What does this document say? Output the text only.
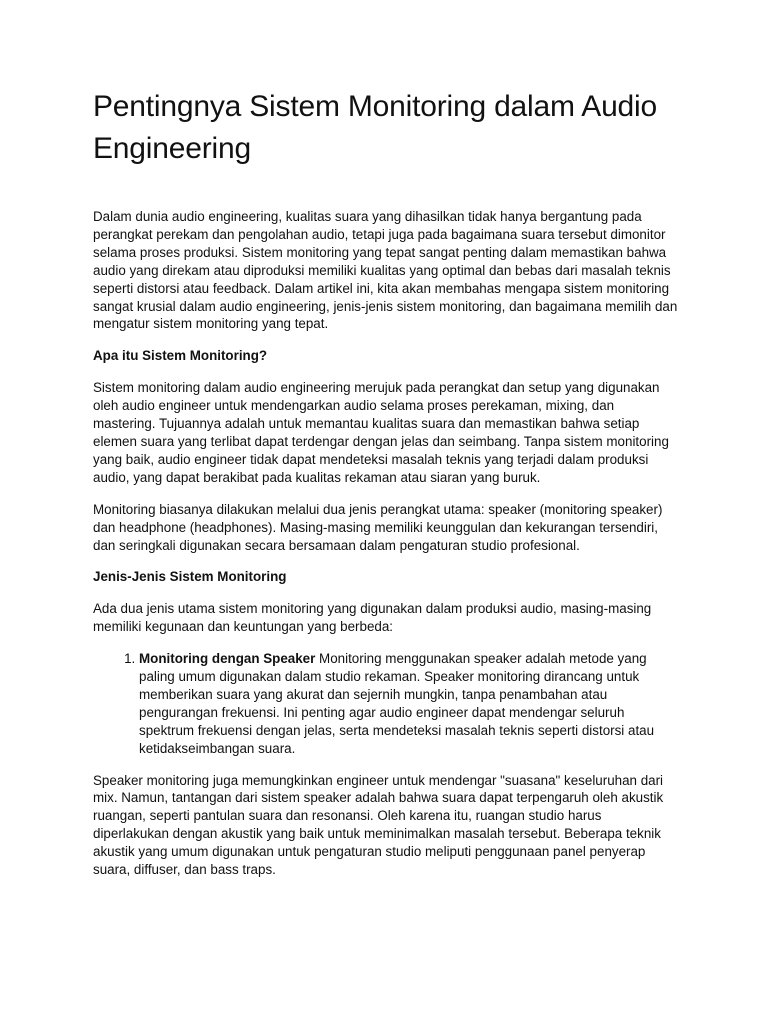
Pentingnya Sistem Monitoring dalam Audio Engineering

Dalam dunia audio engineering, kualitas suara yang dihasilkan tidak hanya bergantung pada perangkat perekam dan pengolahan audio, tetapi juga pada bagaimana suara tersebut dimonitor selama proses produksi. Sistem monitoring yang tepat sangat penting dalam memastikan bahwa audio yang direkam atau diproduksi memiliki kualitas yang optimal dan bebas dari masalah teknis seperti distorsi atau feedback. Dalam artikel ini, kita akan membahas mengapa sistem monitoring sangat krusial dalam audio engineering, jenis-jenis sistem monitoring, dan bagaimana memilih dan mengatur sistem monitoring yang tepat.

Apa itu Sistem Monitoring?

Sistem monitoring dalam audio engineering merujuk pada perangkat dan setup yang digunakan oleh audio engineer untuk mendengarkan audio selama proses perekaman, mixing, dan mastering. Tujuannya adalah untuk memantau kualitas suara dan memastikan bahwa setiap elemen suara yang terlibat dapat terdengar dengan jelas dan seimbang. Tanpa sistem monitoring yang baik, audio engineer tidak dapat mendeteksi masalah teknis yang terjadi dalam produksi audio, yang dapat berakibat pada kualitas rekaman atau siaran yang buruk.

Monitoring biasanya dilakukan melalui dua jenis perangkat utama: speaker (monitoring speaker) dan headphone (headphones). Masing-masing memiliki keunggulan dan kekurangan tersendiri, dan seringkali digunakan secara bersamaan dalam pengaturan studio profesional.

Jenis-Jenis Sistem Monitoring

Ada dua jenis utama sistem monitoring yang digunakan dalam produksi audio, masing-masing memiliki kegunaan dan keuntungan yang berbeda:

1. Monitoring dengan Speaker Monitoring menggunakan speaker adalah metode yang paling umum digunakan dalam studio rekaman. Speaker monitoring dirancang untuk memberikan suara yang akurat dan sejernih mungkin, tanpa penambahan atau pengurangan frekuensi. Ini penting agar audio engineer dapat mendengar seluruh spektrum frekuensi dengan jelas, serta mendeteksi masalah teknis seperti distorsi atau ketidakseimbangan suara.

Speaker monitoring juga memungkinkan engineer untuk mendengar "suasana" keseluruhan dari mix. Namun, tantangan dari sistem speaker adalah bahwa suara dapat terpengaruh oleh akustik ruangan, seperti pantulan suara dan resonansi. Oleh karena itu, ruangan studio harus diperlakukan dengan akustik yang baik untuk meminimalkan masalah tersebut. Beberapa teknik akustik yang umum digunakan untuk pengaturan studio meliputi penggunaan panel penyerap suara, diffuser, dan bass traps.
